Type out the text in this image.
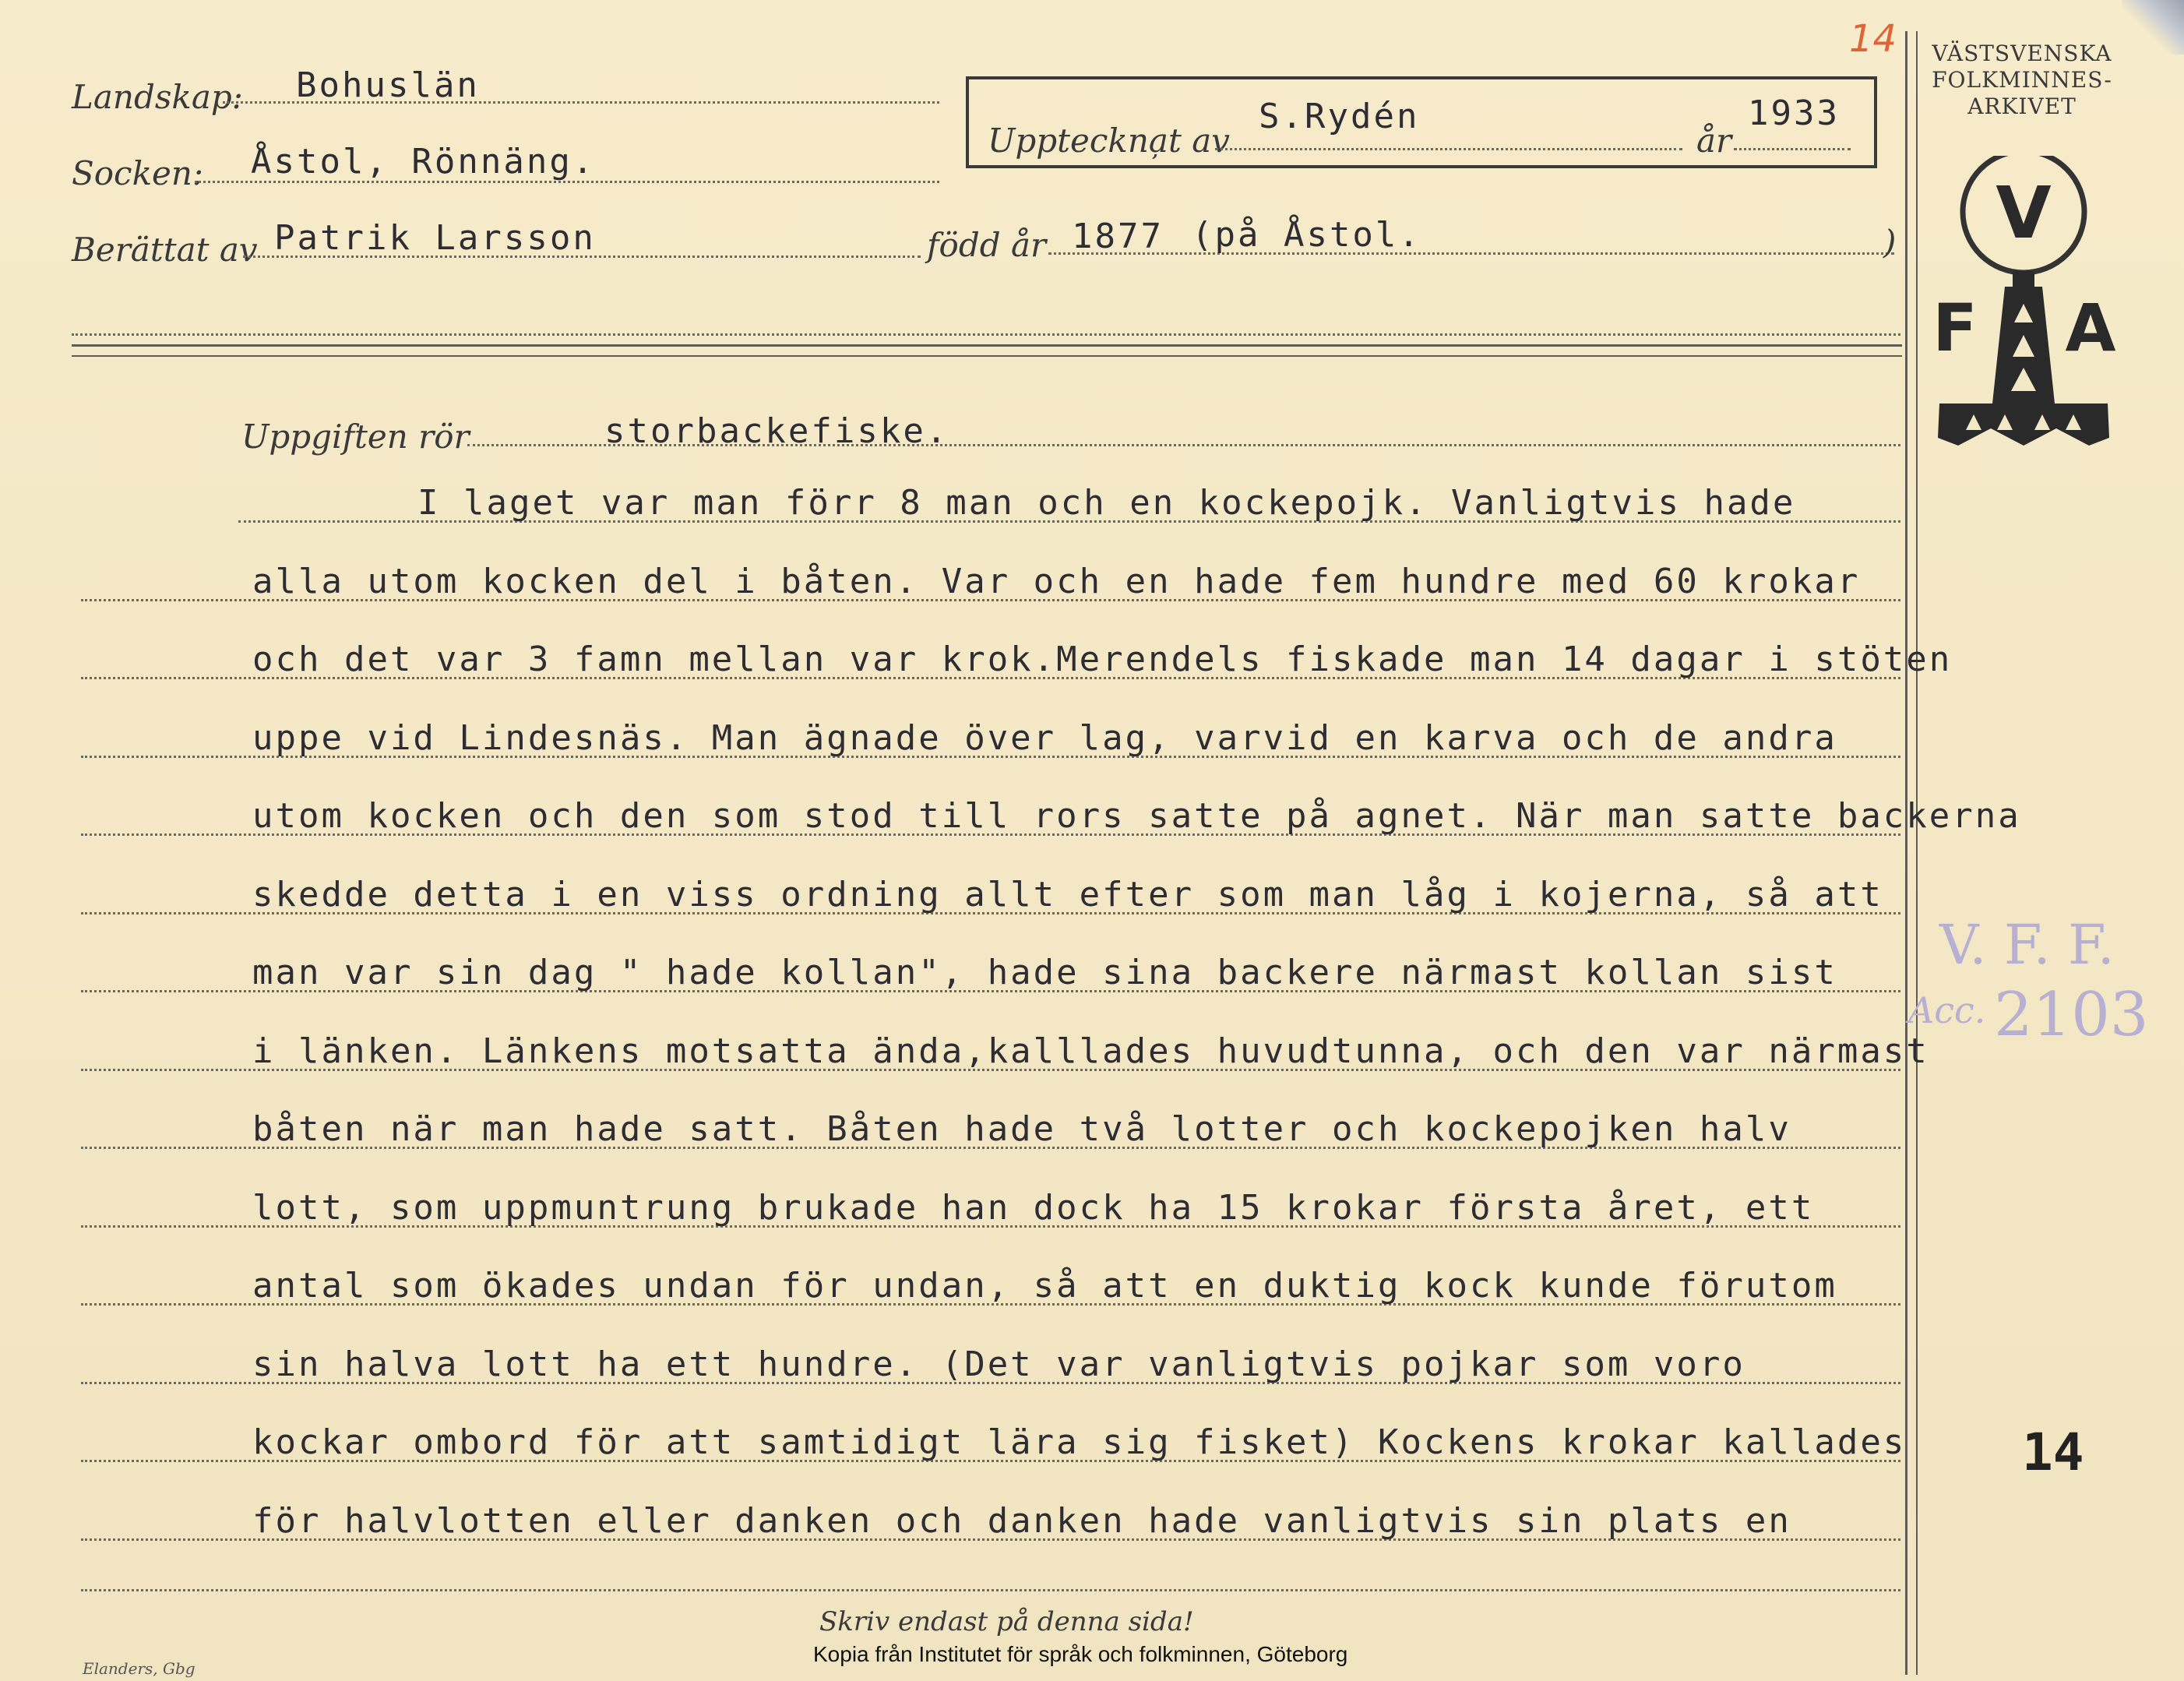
Landskap: Bohuslän
Socken: Åstol, Rönnäng.
Berättat av Patrik Larsson	född år 1877 (på Åstol.	)
Uppteckna̦t av
S.Rydén
år
1933
14 VÄSTSVENSKA
FOLKMINNES-
ARKIVET
V
F A
V. F. F.
Acc. 2103
14
Uppgiften rör	storbackefiske.
I laget var man förr 8 man och en kockepojk. Vanligtvis hade
alla utom kocken del i båten. Var och en hade fem hundre med 60 krokar
och det var 3 famn mellan var krok.Merendels fiskade man 14 dagar i stöten
uppe vid Lindesnäs. Man ägnade över lag, varvid en karva och de andra
utom kocken och den som stod till rors satte på agnet. När man satte backerna
skedde detta i en viss ordning allt efter som man låg i kojerna, så att
man var sin dag " hade kollan", hade sina backere närmast kollan sist
i länken. Länkens motsatta ända,kalllades huvudtunna, och den var närmast
båten när man hade satt. Båten hade två lotter och kockepojken halv
lott, som uppmuntrung brukade han dock ha 15 krokar första året, ett
antal som ökades undan för undan, så att en duktig kock kunde förutom
sin halva lott ha ett hundre. (Det var vanligtvis pojkar som voro
kockar ombord för att samtidigt lära sig fisket) Kockens krokar kallades
för halvlotten eller danken och danken hade vanligtvis sin plats en
Skriv endast på denna sida!
Elanders, Gbg
Kopia från Institutet för språk och folkminnen, Göteborg
